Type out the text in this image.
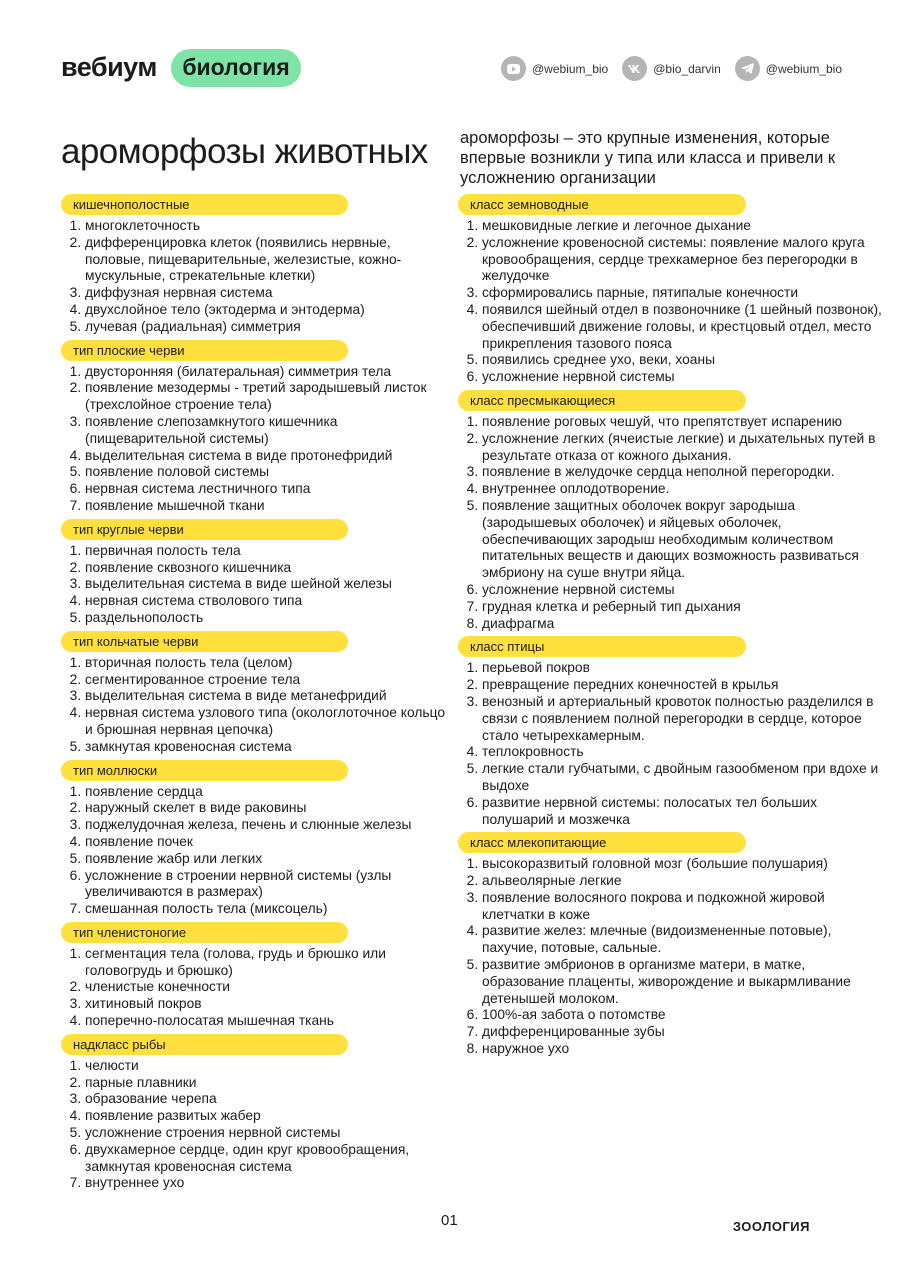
вебиум	биология	@webium_bio	@bio_darvin	@webium_bio
ароморфозы животных ароморфозы – это крупные изменения, которые впервые возникли у типа или класса и привели к усложнению организации
кишечнополостные
1. многоклеточность
2. дифференцировка клеток (появились нервные, половые, пищеварительные, железистые, кожно-мускульные, стрекательные клетки)
3. диффузная нервная система
4. двухслойное тело (эктодерма и энтодерма)
5. лучевая (радиальная) симметрия
тип плоские черви
1. двусторонняя (билатеральная) симметрия тела
2. появление мезодермы - третий зародышевый листок (трехслойное строение тела)
3. появление слепозамкнутого кишечника (пищеварительной системы)
4. выделительная система в виде протонефридий
5. появление половой системы
6. нервная система лестничного типа
7. появление мышечной ткани
тип круглые черви
1. первичная полость тела
2. появление сквозного кишечника
3. выделительная система в виде шейной железы
4. нервная система стволового типа
5. раздельнополость
тип кольчатые черви
1. вторичная полость тела (целом)
2. сегментированное строение тела
3. выделительная система в виде метанефридий
4. нервная система узлового типа (окологлоточное кольцо и брюшная нервная цепочка)
5. замкнутая кровеносная система
тип моллюски
1. появление сердца
2. наружный скелет в виде раковины
3. поджелудочная железа, печень и слюнные железы
4. появление почек
5. появление жабр или легких
6. усложнение в строении нервной системы (узлы увеличиваются в размерах)
7. смешанная полость тела (миксоцель)
тип членистоногие
1. сегментация тела (голова, грудь и брюшко или головогрудь и брюшко)
2. членистые конечности
3. хитиновый покров
4. поперечно-полосатая мышечная ткань
надкласс рыбы
1. челюсти
2. парные плавники
3. образование черепа
4. появление развитых жабер
5. усложнение строения нервной системы
6. двухкамерное сердце, один круг кровообращения, замкнутая кровеносная система
7. внутреннее ухо
класс земноводные
1. мешковидные легкие и легочное дыхание
2. усложнение кровеносной системы: появление малого круга кровообращения, сердце трехкамерное без перегородки в желудочке
3. сформировались парные, пятипалые конечности
4. появился шейный отдел в позвоночнике (1 шейный позвонок), обеспечивший движение головы, и крестцовый отдел, место прикрепления тазового пояса
5. появились среднее ухо, веки, хоаны
6. усложнение нервной системы
класс пресмыкающиеся
1. появление роговых чешуй, что препятствует испарению
2. усложнение легких (ячеистые легкие) и дыхательных путей в результате отказа от кожного дыхания.
3. появление в желудочке сердца неполной перегородки.
4. внутреннее оплодотворение.
5. появление защитных оболочек вокруг зародыша (зародышевых оболочек) и яйцевых оболочек, обеспечивающих зародыш необходимым количеством питательных веществ и дающих возможность развиваться эмбриону на суше внутри яйца.
6. усложнение нервной системы
7. грудная клетка и реберный тип дыхания
8. диафрагма
класс птицы
1. перьевой покров
2. превращение передних конечностей в крылья
3. венозный и артериальный кровоток полностью разделился в связи с появлением полной перегородки в сердце, которое стало четырехкамерным.
4. теплокровность
5. легкие стали губчатыми, с двойным газообменом при вдохе и выдохе
6. развитие нервной системы: полосатых тел больших полушарий и мозжечка
класс млекопитающие
1. высокоразвитый головной мозг (большие полушария)
2. альвеолярные легкие
3. появление волосяного покрова и подкожной жировой клетчатки в коже
4. развитие желез: млечные (видоизмененные потовые), пахучие, потовые, сальные.
5. развитие эмбрионов в организме матери, в матке, образование плаценты, живорождение и выкармливание детенышей молоком.
6. 100%-ая забота о потомстве
7. дифференцированные зубы
8. наружное ухо
01	ЗООЛОГИЯ
